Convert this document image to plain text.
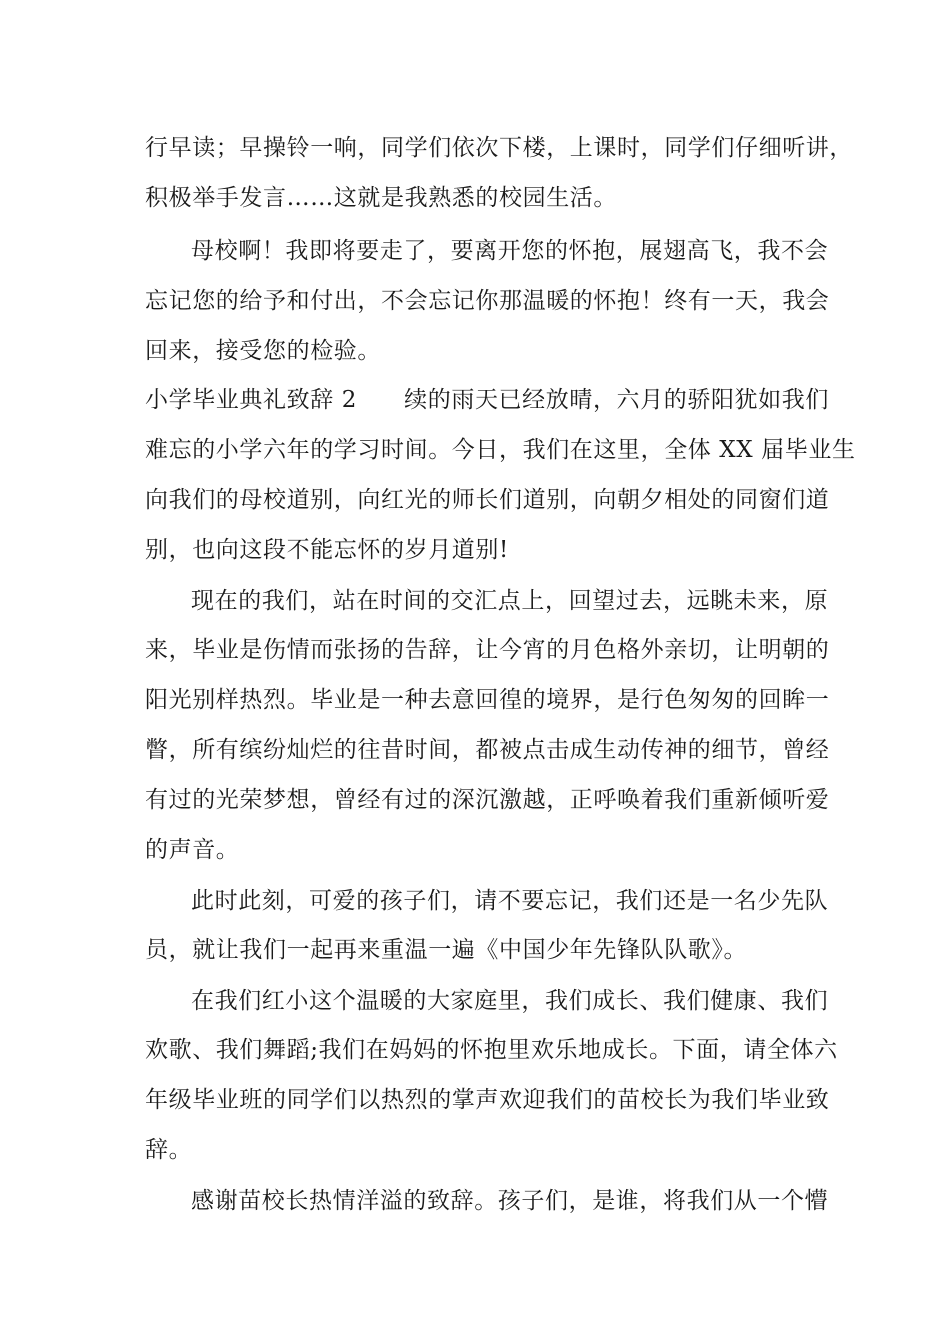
行早读；早操铃一响，同学们依次下楼，上课时，同学们仔细听讲，
积极举手发言……这就是我熟悉的校园生活。
母校啊！我即将要走了，要离开您的怀抱，展翅高飞，我不会
忘记您的给予和付出，不会忘记你那温暖的怀抱！终有一天，我会
回来，接受您的检验。
小学毕业典礼致辞 2　　续的雨天已经放晴，六月的骄阳犹如我们
难忘的小学六年的学习时间。今日，我们在这里，全体 XX 届毕业生
向我们的母校道别，向红光的师长们道别，向朝夕相处的同窗们道
别，也向这段不能忘怀的岁月道别!
现在的我们，站在时间的交汇点上，回望过去，远眺未来，原
来，毕业是伤情而张扬的告辞，让今宵的月色格外亲切，让明朝的
阳光别样热烈。毕业是一种去意回徨的境界，是行色匆匆的回眸一
瞥，所有缤纷灿烂的往昔时间，都被点击成生动传神的细节，曾经
有过的光荣梦想，曾经有过的深沉激越，正呼唤着我们重新倾听爱
的声音。
此时此刻，可爱的孩子们，请不要忘记，我们还是一名少先队
员，就让我们一起再来重温一遍《中国少年先锋队队歌》。
在我们红小这个温暖的大家庭里，我们成长、我们健康、我们
欢歌、我们舞蹈;我们在妈妈的怀抱里欢乐地成长。下面，请全体六
年级毕业班的同学们以热烈的掌声欢迎我们的苗校长为我们毕业致
辞。
感谢苗校长热情洋溢的致辞。孩子们，是谁，将我们从一个懵
